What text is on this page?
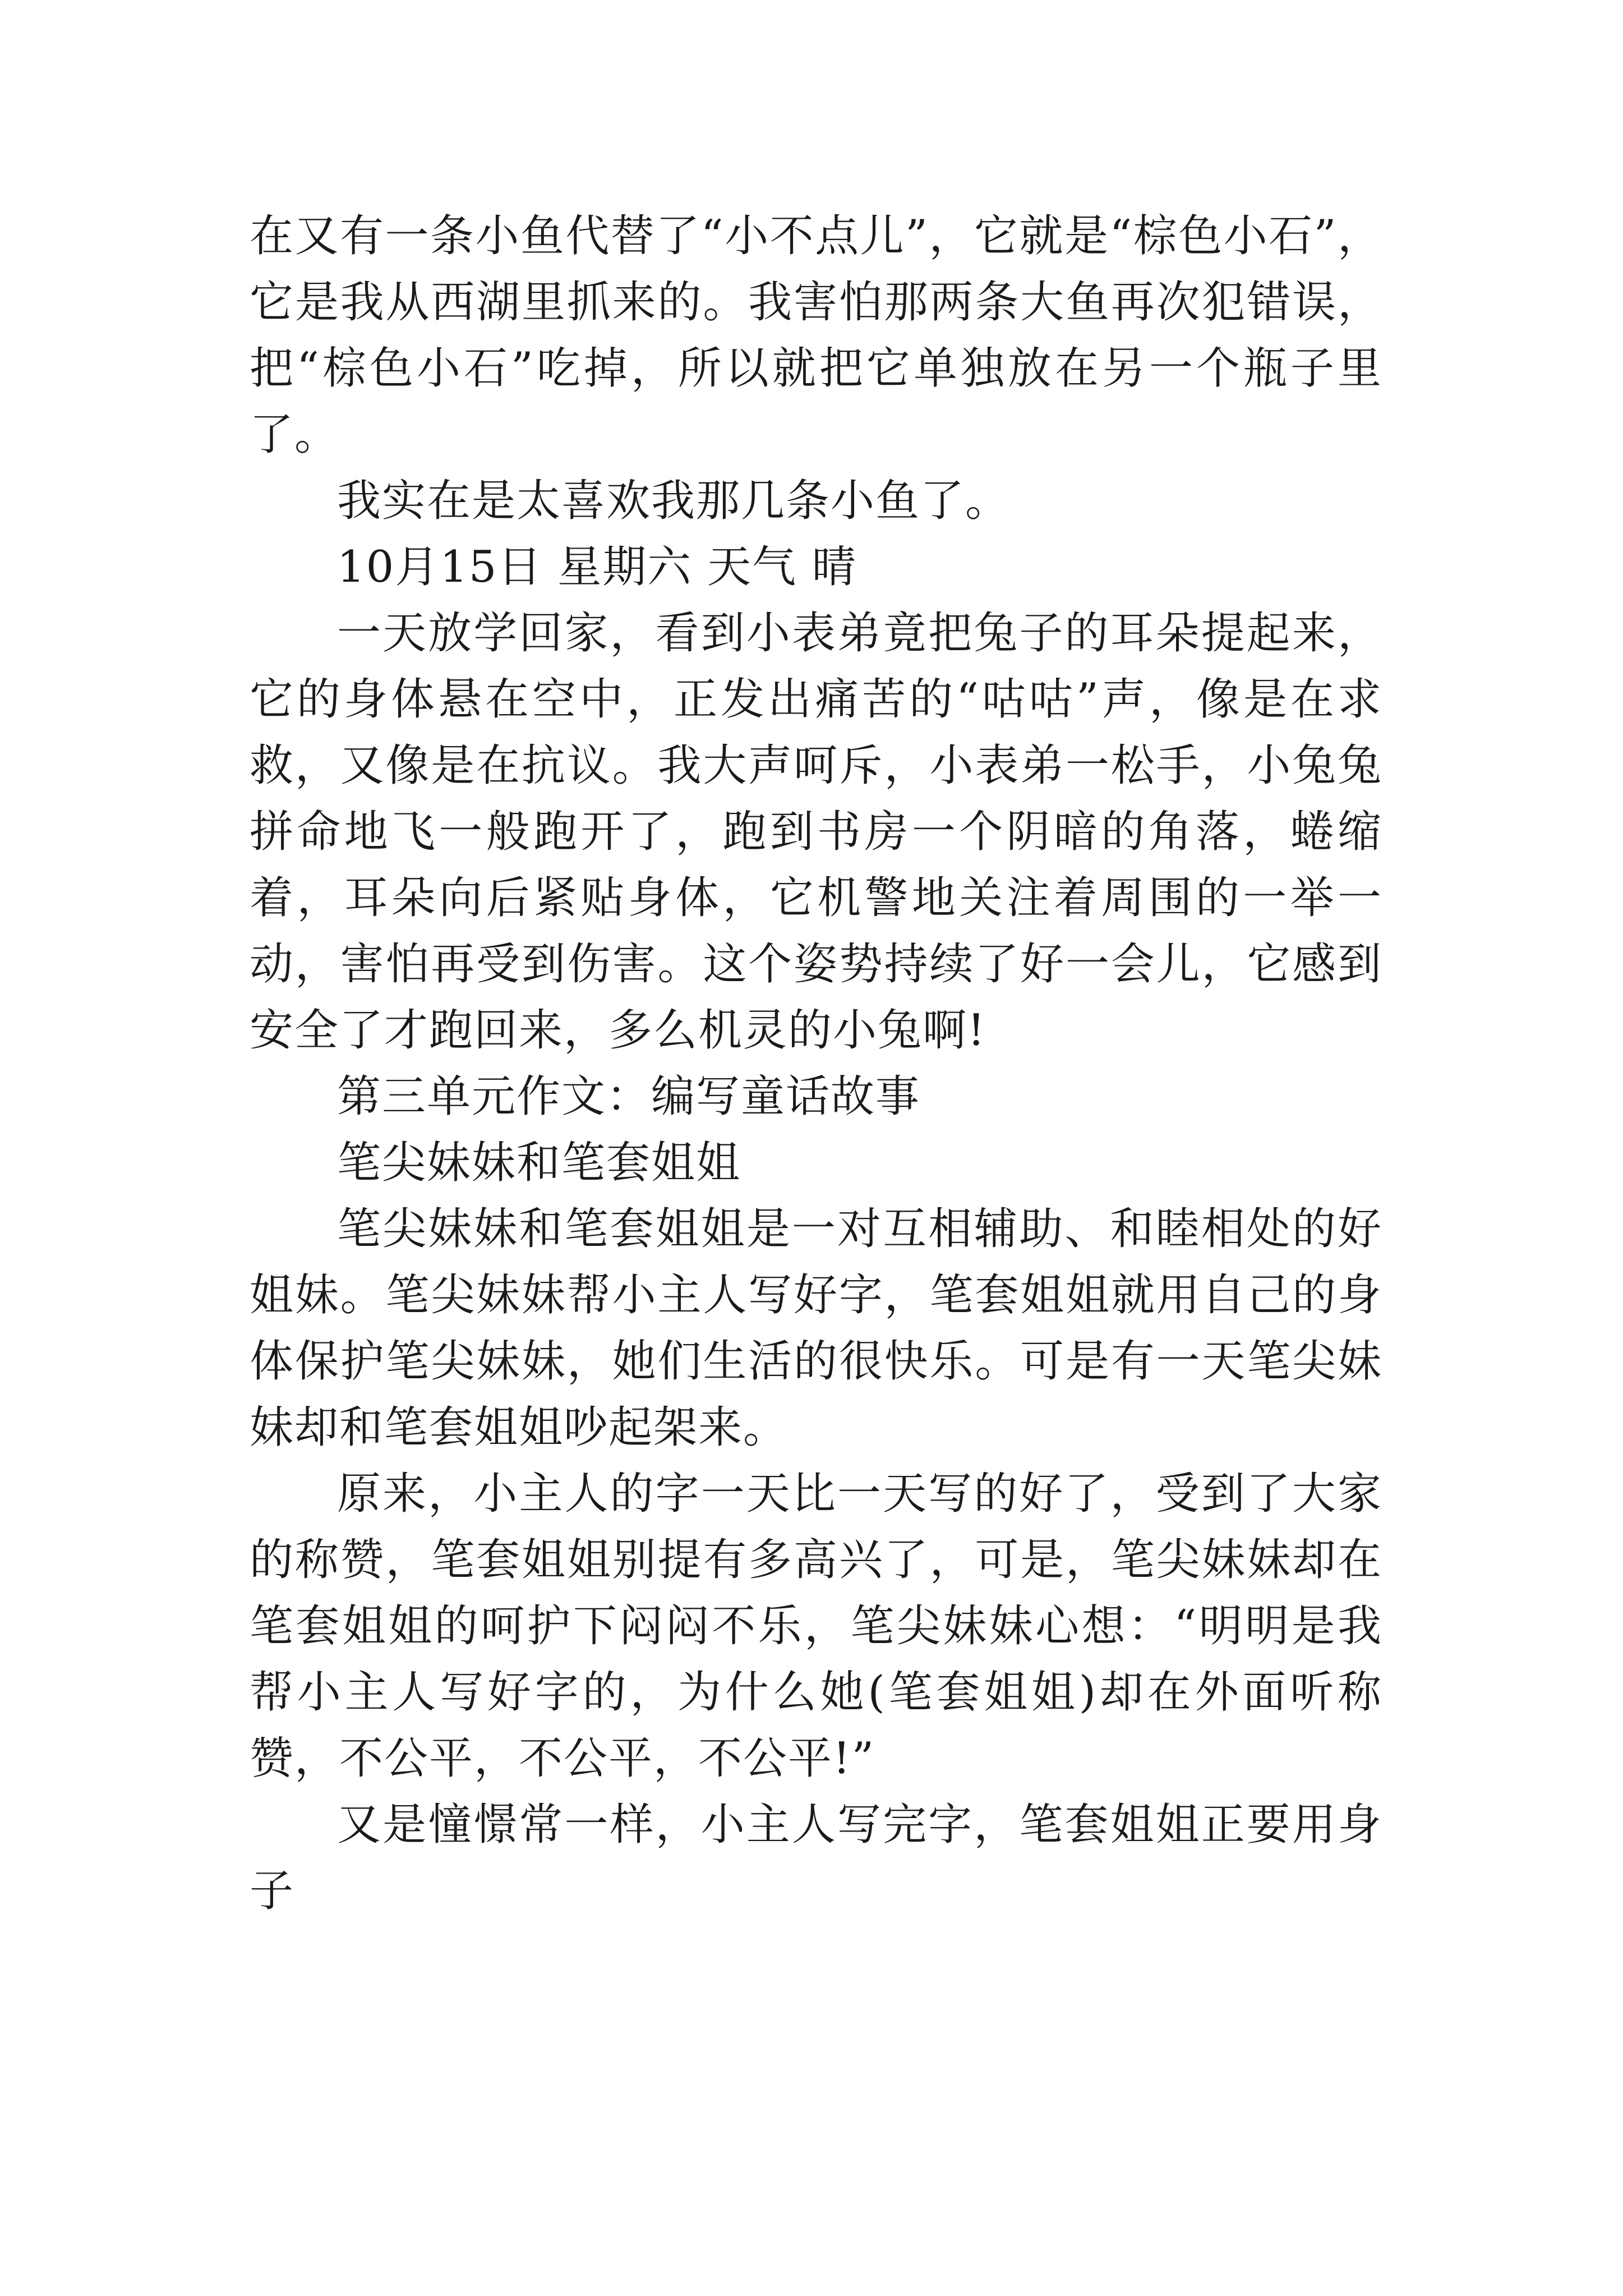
在又有一条小鱼代替了“小不点儿”，它就是“棕色小石”，它是我从西湖里抓来的。我害怕那两条大鱼再次犯错误，把“棕色小石”吃掉，所以就把它单独放在另一个瓶子里了。

我实在是太喜欢我那几条小鱼了。

10月15日 星期六 天气 晴

一天放学回家，看到小表弟竟把兔子的耳朵提起来，它的身体悬在空中，正发出痛苦的“咕咕”声，像是在求救，又像是在抗议。我大声呵斥，小表弟一松手，小兔兔拼命地飞一般跑开了，跑到书房一个阴暗的角落，蜷缩着，耳朵向后紧贴身体，它机警地关注着周围的一举一动，害怕再受到伤害。这个姿势持续了好一会儿，它感到安全了才跑回来，多么机灵的小兔啊!

第三单元作文：编写童话故事

笔尖妹妹和笔套姐姐

笔尖妹妹和笔套姐姐是一对互相辅助、和睦相处的好姐妹。笔尖妹妹帮小主人写好字，笔套姐姐就用自己的身体保护笔尖妹妹，她们生活的很快乐。可是有一天笔尖妹妹却和笔套姐姐吵起架来。

原来，小主人的字一天比一天写的好了，受到了大家的称赞，笔套姐姐别提有多高兴了，可是，笔尖妹妹却在笔套姐姐的呵护下闷闷不乐，笔尖妹妹心想：“明明是我帮小主人写好字的，为什么她(笔套姐姐)却在外面听称赞，不公平，不公平，不公平!”

又是憧憬常一样，小主人写完字，笔套姐姐正要用身子
